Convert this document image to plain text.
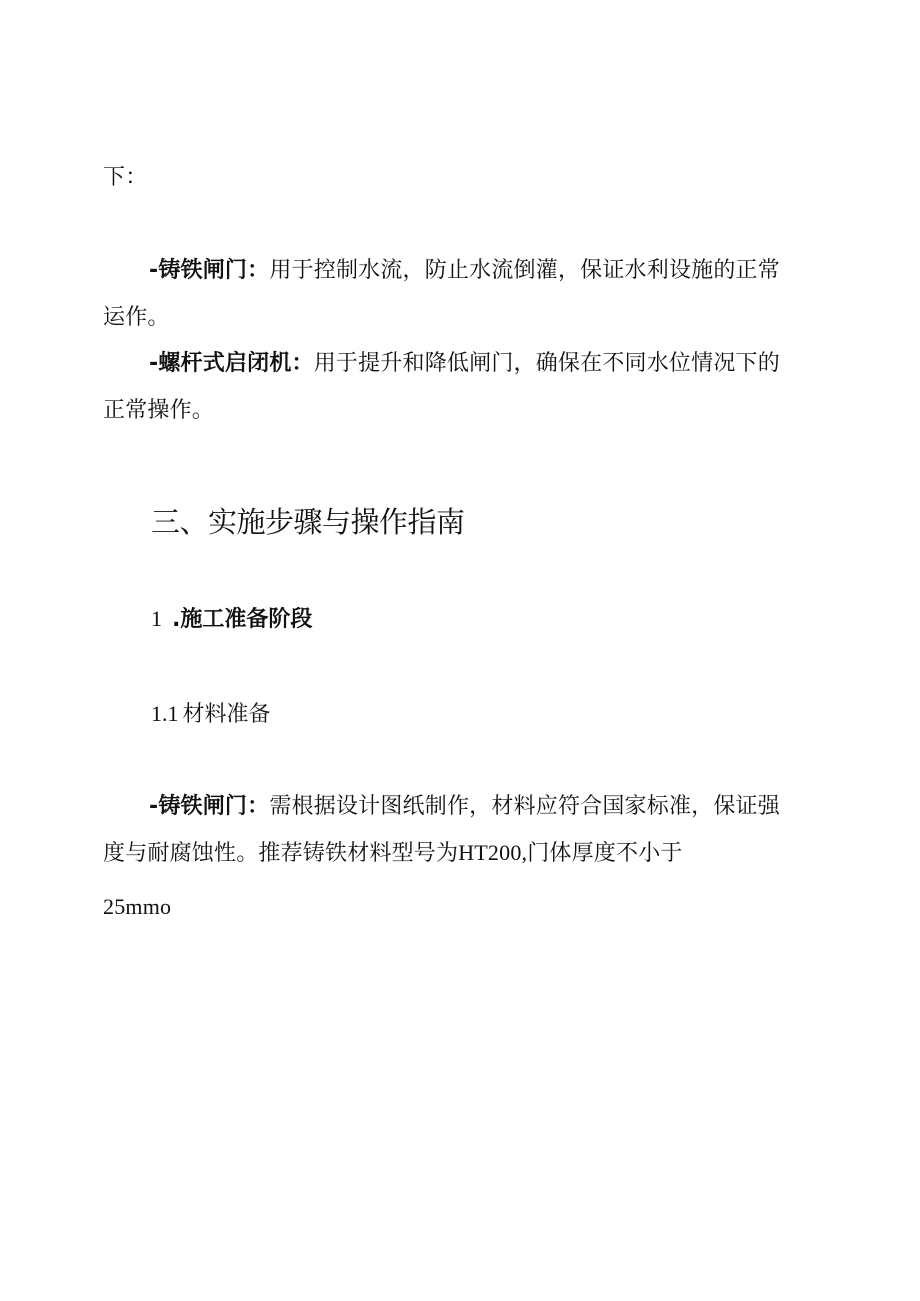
下：
-铸铁闸门：用于控制水流，防止水流倒灌，保证水利设施的正常
运作。
-螺杆式启闭机：用于提升和降低闸门，确保在不同水位情况下的
正常操作。
三、实施步骤与操作指南
1 .施工准备阶段
1.1 材料准备
-铸铁闸门：需根据设计图纸制作，材料应符合国家标准，保证强
度与耐腐蚀性。推荐铸铁材料型号为HT200,门体厚度不小于
25mmo
